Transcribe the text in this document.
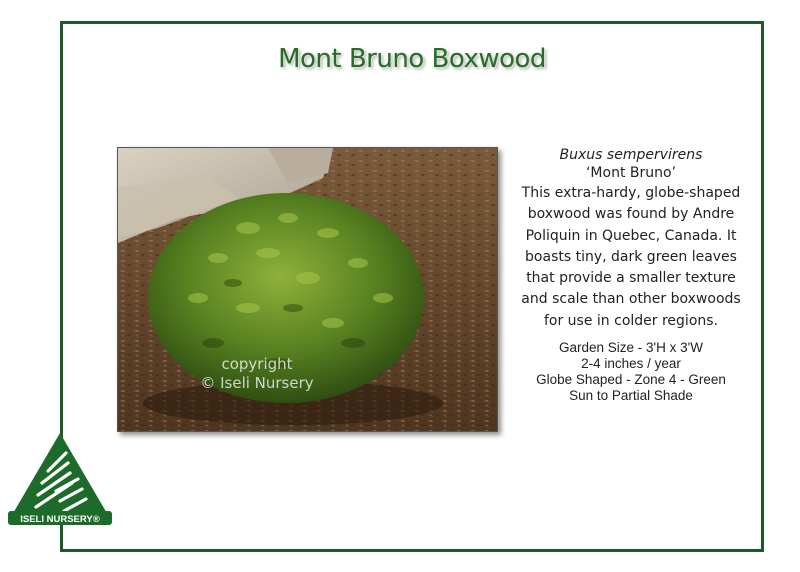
Mont Bruno Boxwood
copyright
© Iseli Nursery
Buxus sempervirens
‘Mont Bruno’
This extra-hardy, globe-shaped boxwood was found by Andre Poliquin in Quebec, Canada. It boasts tiny, dark green leaves that provide a smaller texture and scale than other boxwoods for use in colder regions.
Garden Size - 3'H x 3'W
2-4 inches / year
Globe Shaped - Zone 4 - Green
Sun to Partial Shade
ISELI NURSERY®
